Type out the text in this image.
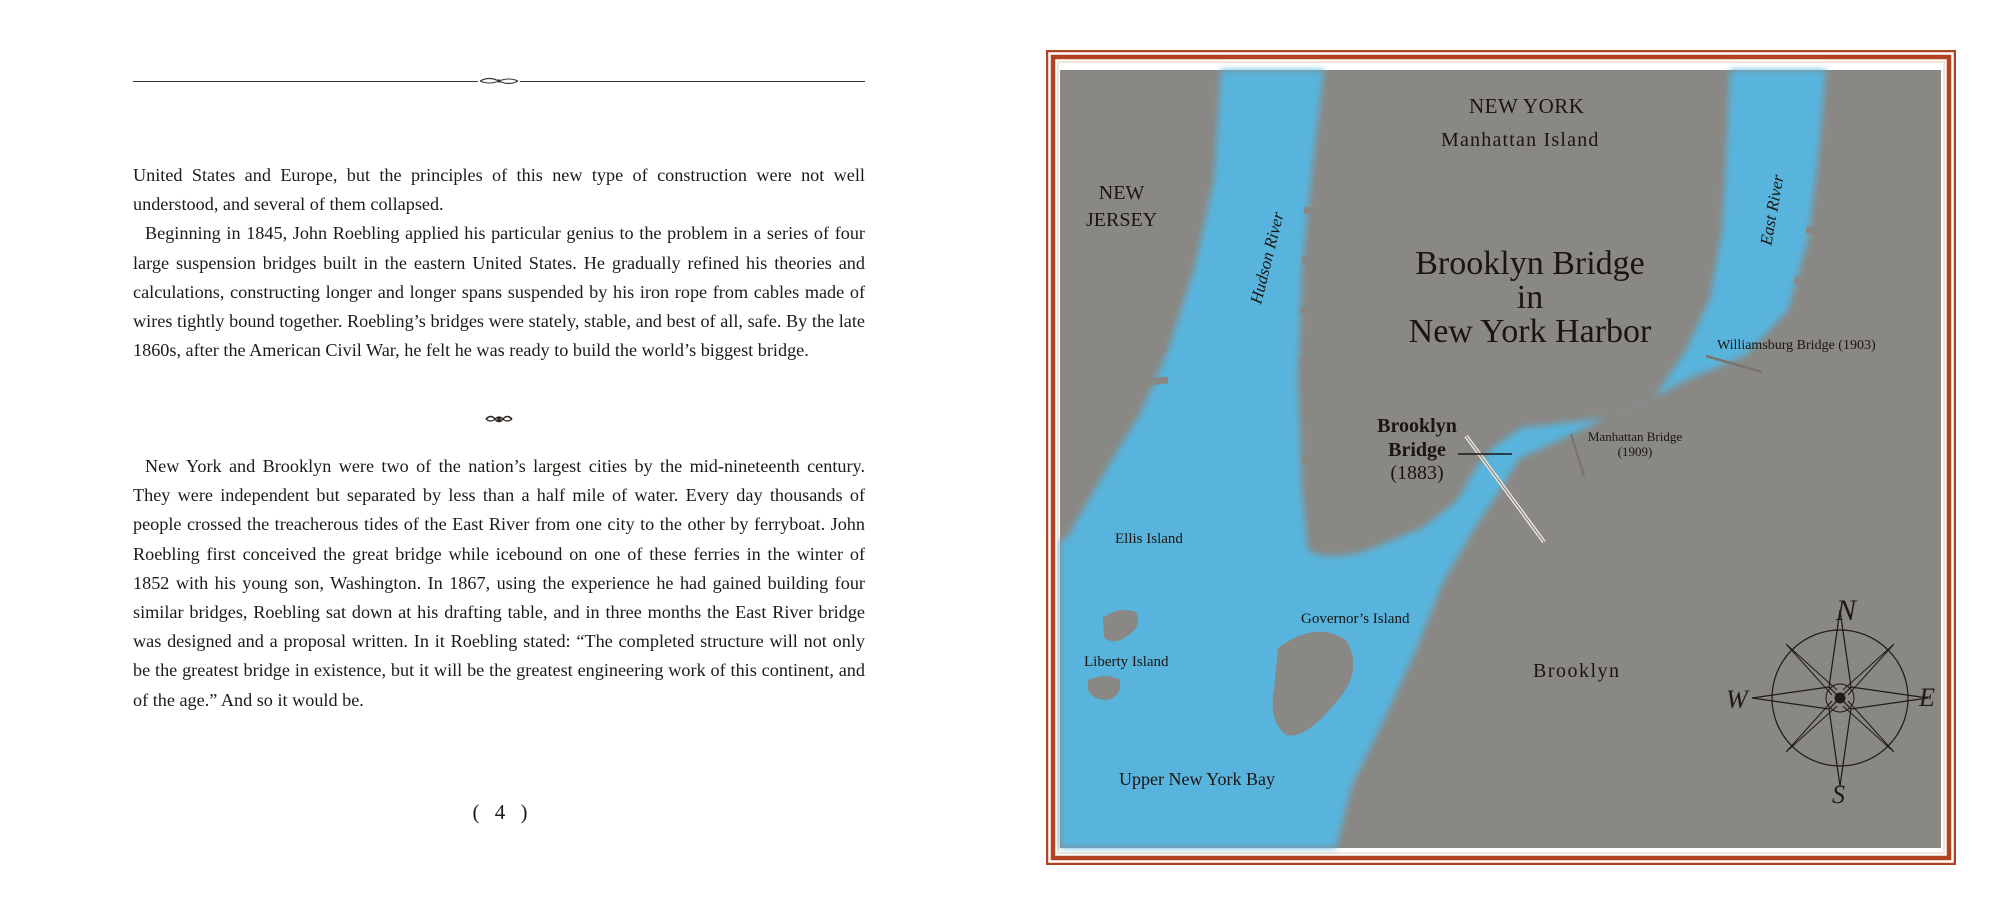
United States and Europe, but the principles of this new type of construction were not well understood, and several of them collapsed.

Beginning in 1845, John Roebling applied his particular genius to the problem in a series of four large suspension bridges built in the eastern United States. He gradually refined his theories and calculations, constructing longer and longer spans suspended by his iron rope from cables made of wires tightly bound together. Roebling’s bridges were stately, stable, and best of all, safe. By the late 1860s, after the American Civil War, he felt he was ready to build the world’s biggest bridge.

New York and Brooklyn were two of the nation’s largest cities by the mid-nineteenth century. They were independent but separated by less than a half mile of water. Every day thousands of people crossed the treacherous tides of the East River from one city to the other by ferryboat. John Roebling first conceived the great bridge while icebound on one of these ferries in the winter of 1852 with his young son, Washington. In 1867, using the experience he had gained building four similar bridges, Roebling sat down at his drafting table, and in three months the East River bridge was designed and a proposal written. In it Roebling stated: “The completed structure will not only be the greatest bridge in existence, but it will be the greatest engineering work of this continent, and of the age.” And so it would be.

( 4 )
N
S
E
W
NEW YORK
Manhattan Island
NEW
JERSEY
Brooklyn Bridge
in
New York Harbor
Hudson River
East River
Brooklyn
Bridge
(1883)
Manhattan Bridge
(1909)
Williamsburg Bridge (1903)
Ellis Island
Governor’s Island
Liberty Island	Brooklyn
Upper New York Bay
